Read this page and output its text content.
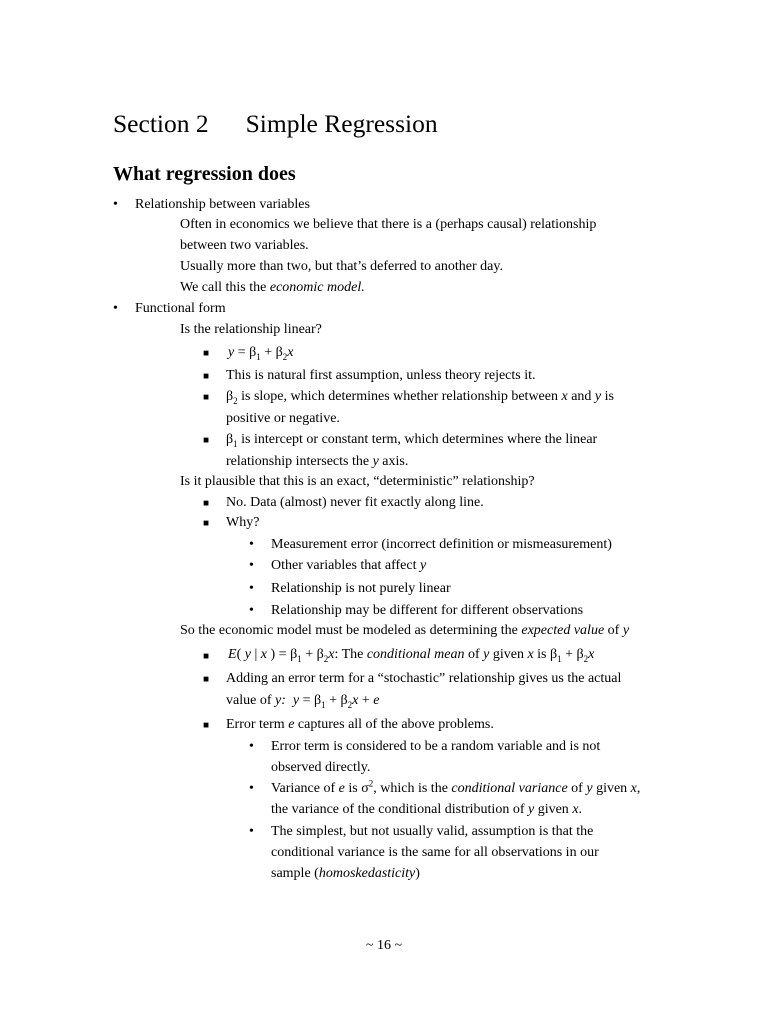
Section 2 Simple Regression
What regression does
• Relationship between variables
Often in economics we believe that there is a (perhaps causal) relationship
between two variables.
Usually more than two, but that’s deferred to another day.
We call this the economic model.
• Functional form
Is the relationship linear?
■ $y = \beta_1 + \beta_2x$
■ This is natural first assumption, unless theory rejects it.
■ $\beta_2$ is slope, which determines whether relationship between x and y is
positive or negative.
■ $\beta_1$ is intercept or constant term, which determines where the linear
relationship intersects the y axis.
Is it plausible that this is an exact, “deterministic” relationship?
■ No. Data (almost) never fit exactly along line.
■ Why?
• Measurement error (incorrect definition or mismeasurement)
• Other variables that affect y
• Relationship is not purely linear
• Relationship may be different for different observations
So the economic model must be modeled as determining the expected value of y
■ E( y | x ) = $\beta_1 + \beta_2x$: The conditional mean of y given x is $\beta_1 + \beta_2x$
■ Adding an error term for a “stochastic” relationship gives us the actual
value of y: $y = \beta_1 + \beta_2x + e$
■ Error term e captures all of the above problems.
• Error term is considered to be a random variable and is not
observed directly.
• Variance of e is $\sigma^2$, which is the conditional variance of y given x,
the variance of the conditional distribution of y given x.
• The simplest, but not usually valid, assumption is that the
conditional variance is the same for all observations in our
sample (homoskedasticity)
~ 16 ~
